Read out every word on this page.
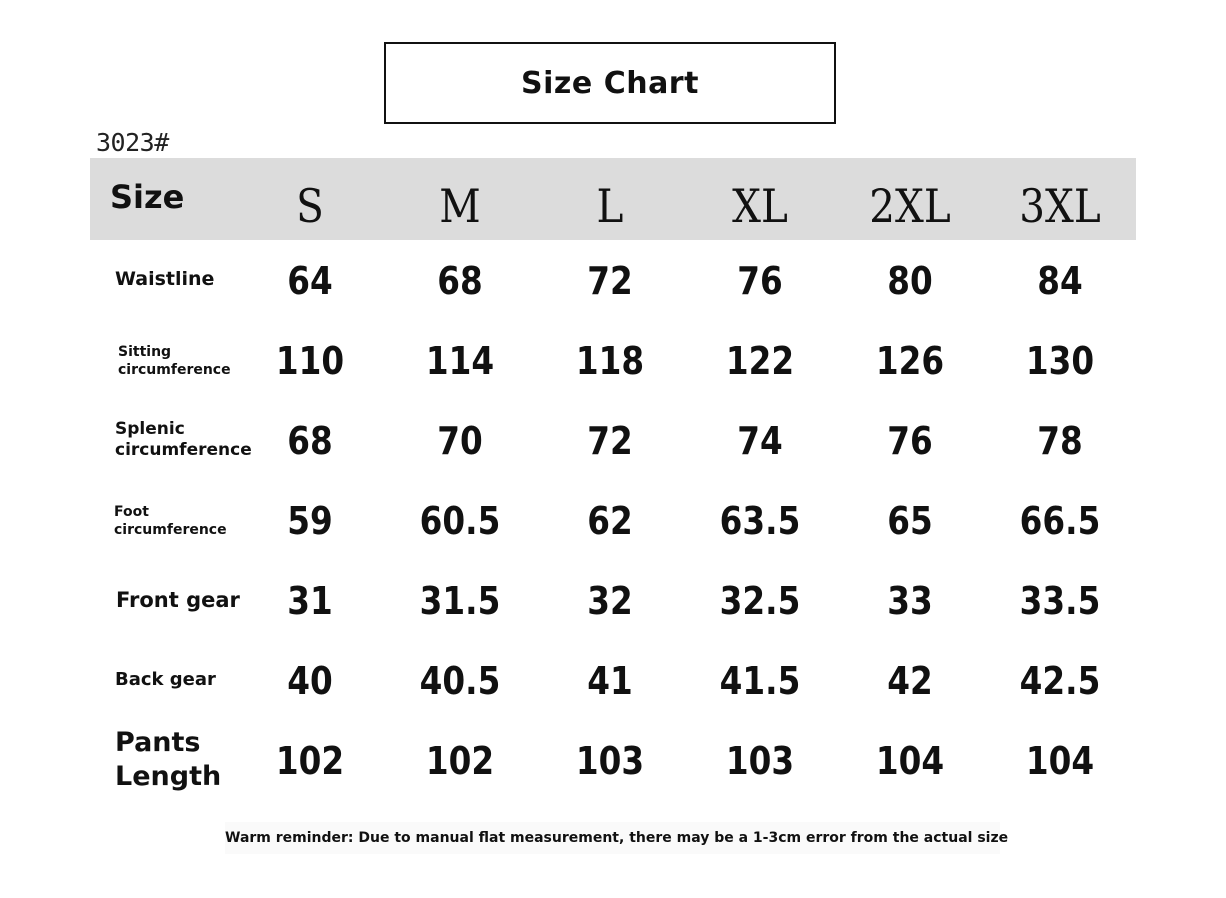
Size Chart
3023#
Size	S	M	L	XL	2XL	3XL
Waistline	64	68	72	76	80	84
Sitting circumference	110	114	118	122	126	130
Splenic circumference 68	70	72	74	76	78
Foot circumference	59	60.5	62	63.5	65	66.5
Front gear	31	31.5	32	32.5	33	33.5
Back gear	40	40.5	41	41.5	42	42.5
Pants Length	102	102	103	103	104	104
Warm reminder: Due to manual flat measurement, there may be a 1-3cm error from the actual size
